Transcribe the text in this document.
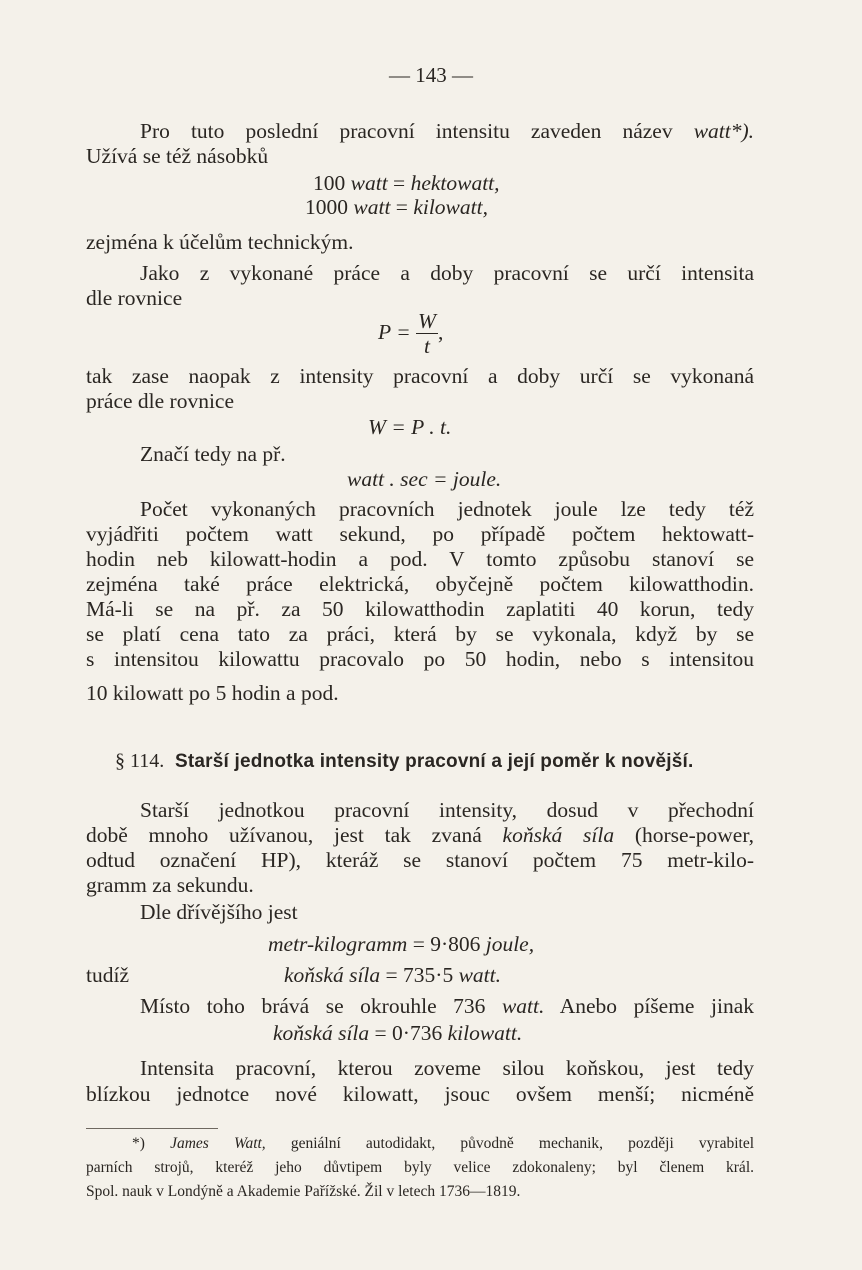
— 143 —
Pro tuto poslední pracovní intensitu zaveden název watt*).
Užívá se též násobků
100 watt = hektowatt,
1000 watt = kilowatt,
zejména k účelům technickým.
Jako z vykonané práce a doby pracovní se určí intensita
dle rovnice
$P = \frac{W}{t}$ ,
tak zase naopak z intensity pracovní a doby určí se vykonaná
práce dle rovnice
W = P . t.
Značí tedy na př.
watt . sec = joule.
Počet vykonaných pracovních jednotek joule lze tedy též
vyjádřiti počtem watt sekund, po případě počtem hektowatt-
hodin neb kilowatt-hodin a pod. V tomto způsobu stanoví se
zejména také práce elektrická, obyčejně počtem kilowatthodin.
Má-li se na př. za 50 kilowatthodin zaplatiti 40 korun, tedy
se platí cena tato za práci, která by se vykonala, když by se
s intensitou kilowattu pracovalo po 50 hodin, nebo s intensitou
10 kilowatt po 5 hodin a pod.
§ 114. Starší jednotka intensity pracovní a její poměr k novější.
Starší jednotkou pracovní intensity, dosud v přechodní
době mnoho užívanou, jest tak zvaná koňská síla (horse-power,
odtud označení HP), kteráž se stanoví počtem 75 metr-kilo-
gramm za sekundu.
Dle dřívějšího jest
metr-kilogramm = 9·806 joule,
tudíž	koňská síla = 735·5 watt.
Místo toho brává se okrouhle 736 watt. Anebo píšeme jinak
koňská síla = 0·736 kilowatt.
Intensita pracovní, kterou zoveme silou koňskou, jest tedy
blízkou jednotce nové kilowatt, jsouc ovšem menší; nicméně
*) James Watt, geniální autodidakt, původně mechanik, později vyrabitel
parních strojů, kteréž jeho důvtipem byly velice zdokonaleny; byl členem král.
Spol. nauk v Londýně a Akademie Pařížské. Žil v letech 1736—1819.
